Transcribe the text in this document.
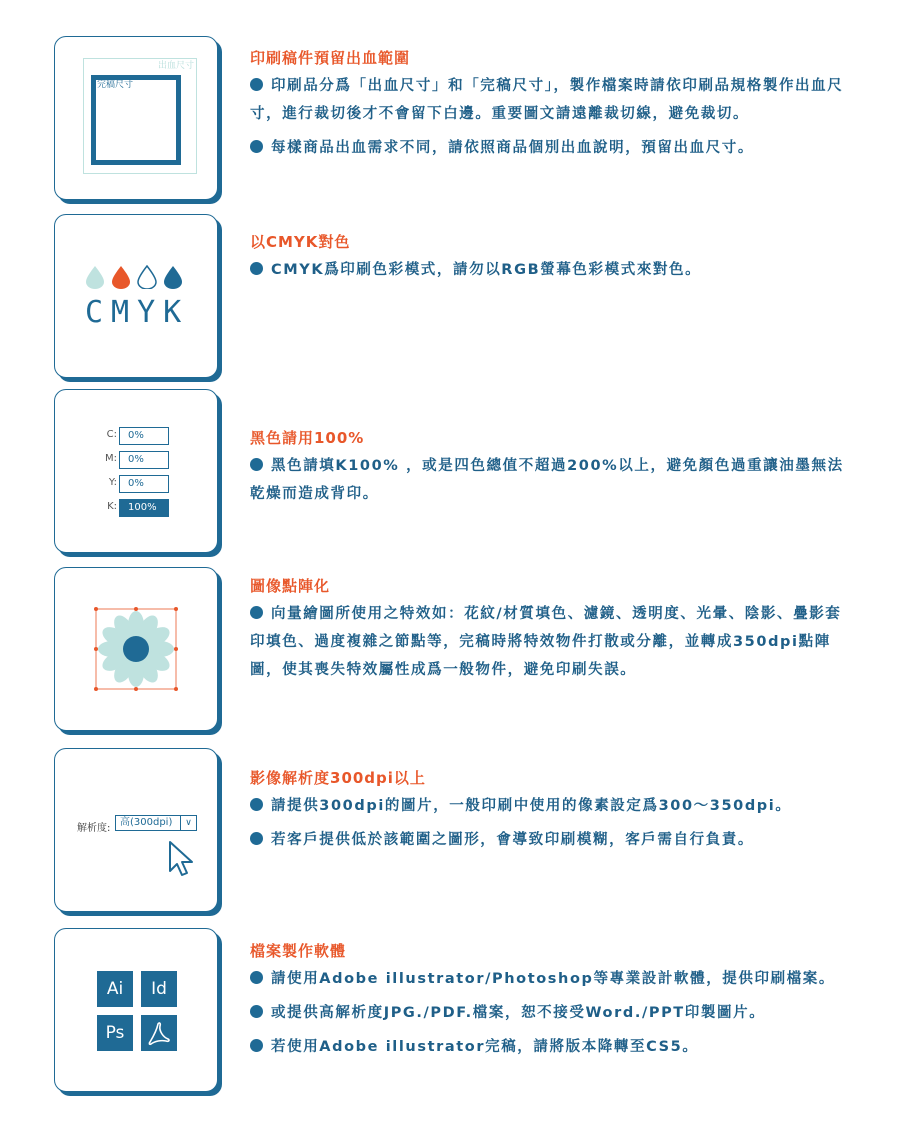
出血尺寸
完稿尺寸
印刷稿件預留出血範圍
印刷品分爲「出血尺寸」和「完稿尺寸」，製作檔案時請依印刷品規格製作出血尺寸，進行裁切後才不會留下白邊。重要圖文請遠離裁切線，避免裁切。
每樣商品出血需求不同，請依照商品個別出血說明，預留出血尺寸。
CMYK
以CMYK對色
CMYK爲印刷色彩模式，請勿以RGB螢幕色彩模式來對色。
C:	0%
M:	0%
Y:	0%
K:	100%
黑色請用100%
黑色請填K100% ，或是四色總值不超過200%以上，避免顏色過重讓油墨無法乾燥而造成背印。
圖像點陣化
向量繪圖所使用之特效如：花紋/材質填色、濾鏡、透明度、光暈、陰影、疊影套印填色、過度複雜之節點等，完稿時將特效物件打散或分離，並轉成350dpi點陣圖，使其喪失特效屬性成爲一般物件，避免印刷失誤。
解析度:
高(300dpi)	∨
影像解析度300dpi以上
請提供300dpi的圖片，一般印刷中使用的像素設定爲300～350dpi。
若客戶提供低於該範圍之圖形，會導致印刷模糊，客戶需自行負責。
Ai	Id
Ps
檔案製作軟體
請使用Adobe illustrator/Photoshop等專業設計軟體，提供印刷檔案。
或提供高解析度JPG./PDF.檔案，恕不接受Word./PPT印製圖片。
若使用Adobe illustrator完稿，請將版本降轉至CS5。
